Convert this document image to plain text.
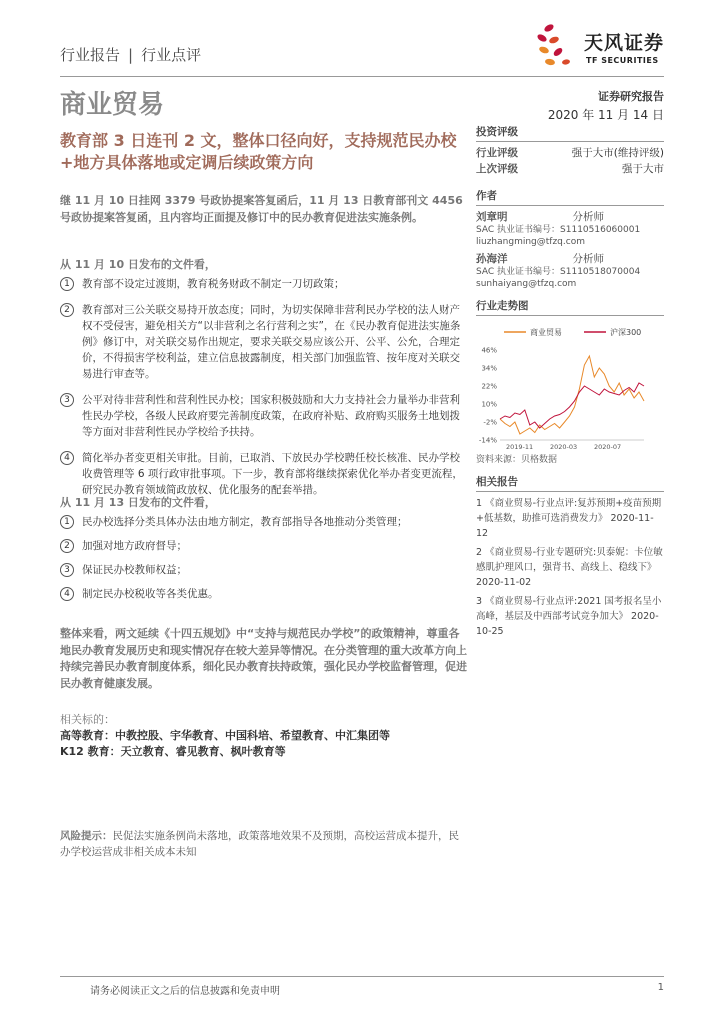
行业报告 | 行业点评
天风证券
TF SECURITIES
商业贸易	证券研究报告
2020 年 11 月 14 日
教育部 3 日连刊 2 文，整体口径向好，支持规范民办校+地方具体落地或定调后续政策方向
继 11 月 10 日挂网 3379 号政协提案答复函后，11 月 13 日教育部刊文 4456 号政协提案答复函，且内容均正面提及修订中的民办教育促进法实施条例。
从 11 月 10 日发布的文件看，
1	教育部不设定过渡期，教育税务财政不制定一刀切政策；
2	教育部对三公关联交易持开放态度；同时，为切实保障非营利民办学校的法人财产权不受侵害，避免相关方“以非营利之名行营利之实”，在《民办教育促进法实施条例》修订中，对关联交易作出规定，要求关联交易应该公开、公平、公允，合理定价，不得损害学校利益，建立信息披露制度，相关部门加强监管、按年度对关联交易进行审查等。
3	公平对待非营利性和营利性民办校；国家积极鼓励和大力支持社会力量举办非营利性民办学校，各级人民政府要完善制度政策，在政府补贴、政府购买服务土地划拨等方面对非营利性民办学校给予扶持。
4	简化举办者变更相关审批。目前，已取消、下放民办学校聘任校长核准、民办学校收费管理等 6 项行政审批事项。下一步，教育部将继续探索优化举办者变更流程，研究民办教育领域简政放权、优化服务的配套举措。
从 11 月 13 日发布的文件看，
1	民办校选择分类具体办法由地方制定，教育部指导各地推动分类管理；
2	加强对地方政府督导；
3	保证民办校教师权益；
4	制定民办校税收等各类优惠。
整体来看，两文延续《十四五规划》中“支持与规范民办学校”的政策精神，尊重各地民办教育发展历史和现实情况存在较大差异等情况。在分类管理的重大改革方向上持续完善民办教育制度体系，细化民办教育扶持政策，强化民办学校监督管理，促进民办教育健康发展。
相关标的：
高等教育：中教控股、宇华教育、中国科培、希望教育、中汇集团等
K12 教育：天立教育、睿见教育、枫叶教育等
风险提示：民促法实施条例尚未落地，政策落地效果不及预期，高校运营成本提升，民办学校运营成非相关成本未知
投资评级
行业评级	强于大市(维持评级)
上次评级	强于大市
作者
刘章明	分析师
SAC 执业证书编号：S1110516060001
liuzhangming@tfzq.com
孙海洋	分析师
SAC 执业证书编号：S1110518070004
sunhaiyang@tfzq.com
行业走势图
商业贸易	沪深300
46%
34%
22%
10%
-2%
-14%
2019-11	2020-03	2020-07
资料来源：贝格数据
相关报告
1 《商业贸易-行业点评:复苏预期+疫苗预期+低基数，助推可选消费发力》 2020-11-12
2 《商业贸易-行业专题研究:贝泰妮：卡位敏感肌护理风口，强背书、高线上、稳线下》 2020-11-02
3 《商业贸易-行业点评:2021 国考报名呈小高峰，基层及中西部考试竞争加大》 2020-10-25
请务必阅读正文之后的信息披露和免责申明	1
